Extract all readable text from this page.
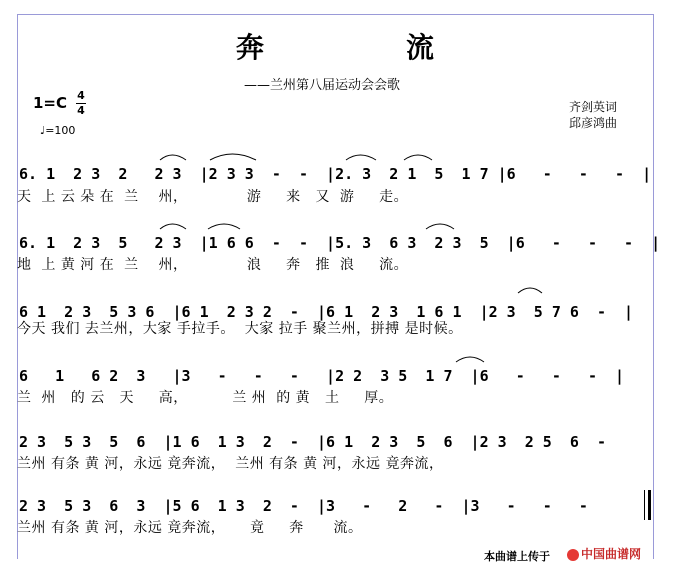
奔	流
——兰州第八届运动会会歌
1=C 4
4
♩=100
齐剑英词
邱彦鸿曲
6. 1  2 3  2   2 3  |2 3 3  -  -  |2. 3  2 1  5  1 7 |6   -   -   -  |
天  上 云 朵 在  兰    州，            游     来   又  游     走。
6. 1  2 3  5   2 3  |1 6 6  -  -  |5. 3  6 3  2 3  5  |6   -   -   -  |
地  上 黄 河 在  兰    州，            浪     奔   推  浪     流。
6 1  2 3  5 3 6  |6 1  2 3 2  -  |6 1  2 3  1 6 1  |2 3  5 7 6  -  |
今天 我们 去兰州，大家 手拉手。  大家 拉手 聚兰州，拼搏 是时候。
6   1   6 2  3   |3   -   -   -   |2 2  3 5  1 7  |6   -   -   -  |
兰  州   的 云   天     高，         兰 州  的 黄   土     厚。
2 3  5 3  5  6  |1 6  1 3  2  -  |6 1  2 3  5  6  |2 3  2 5  6  -
兰州 有条 黄 河，永远 竟奔流，  兰州 有条 黄 河，永远 竟奔流，
2 3  5 3  6  3  |5 6  1 3  2  -  |3   -   2   -  |3   -   -   -
兰州 有条 黄 河，永远 竟奔流，     竟     奔      流。
本曲谱上传于	中国曲谱网
